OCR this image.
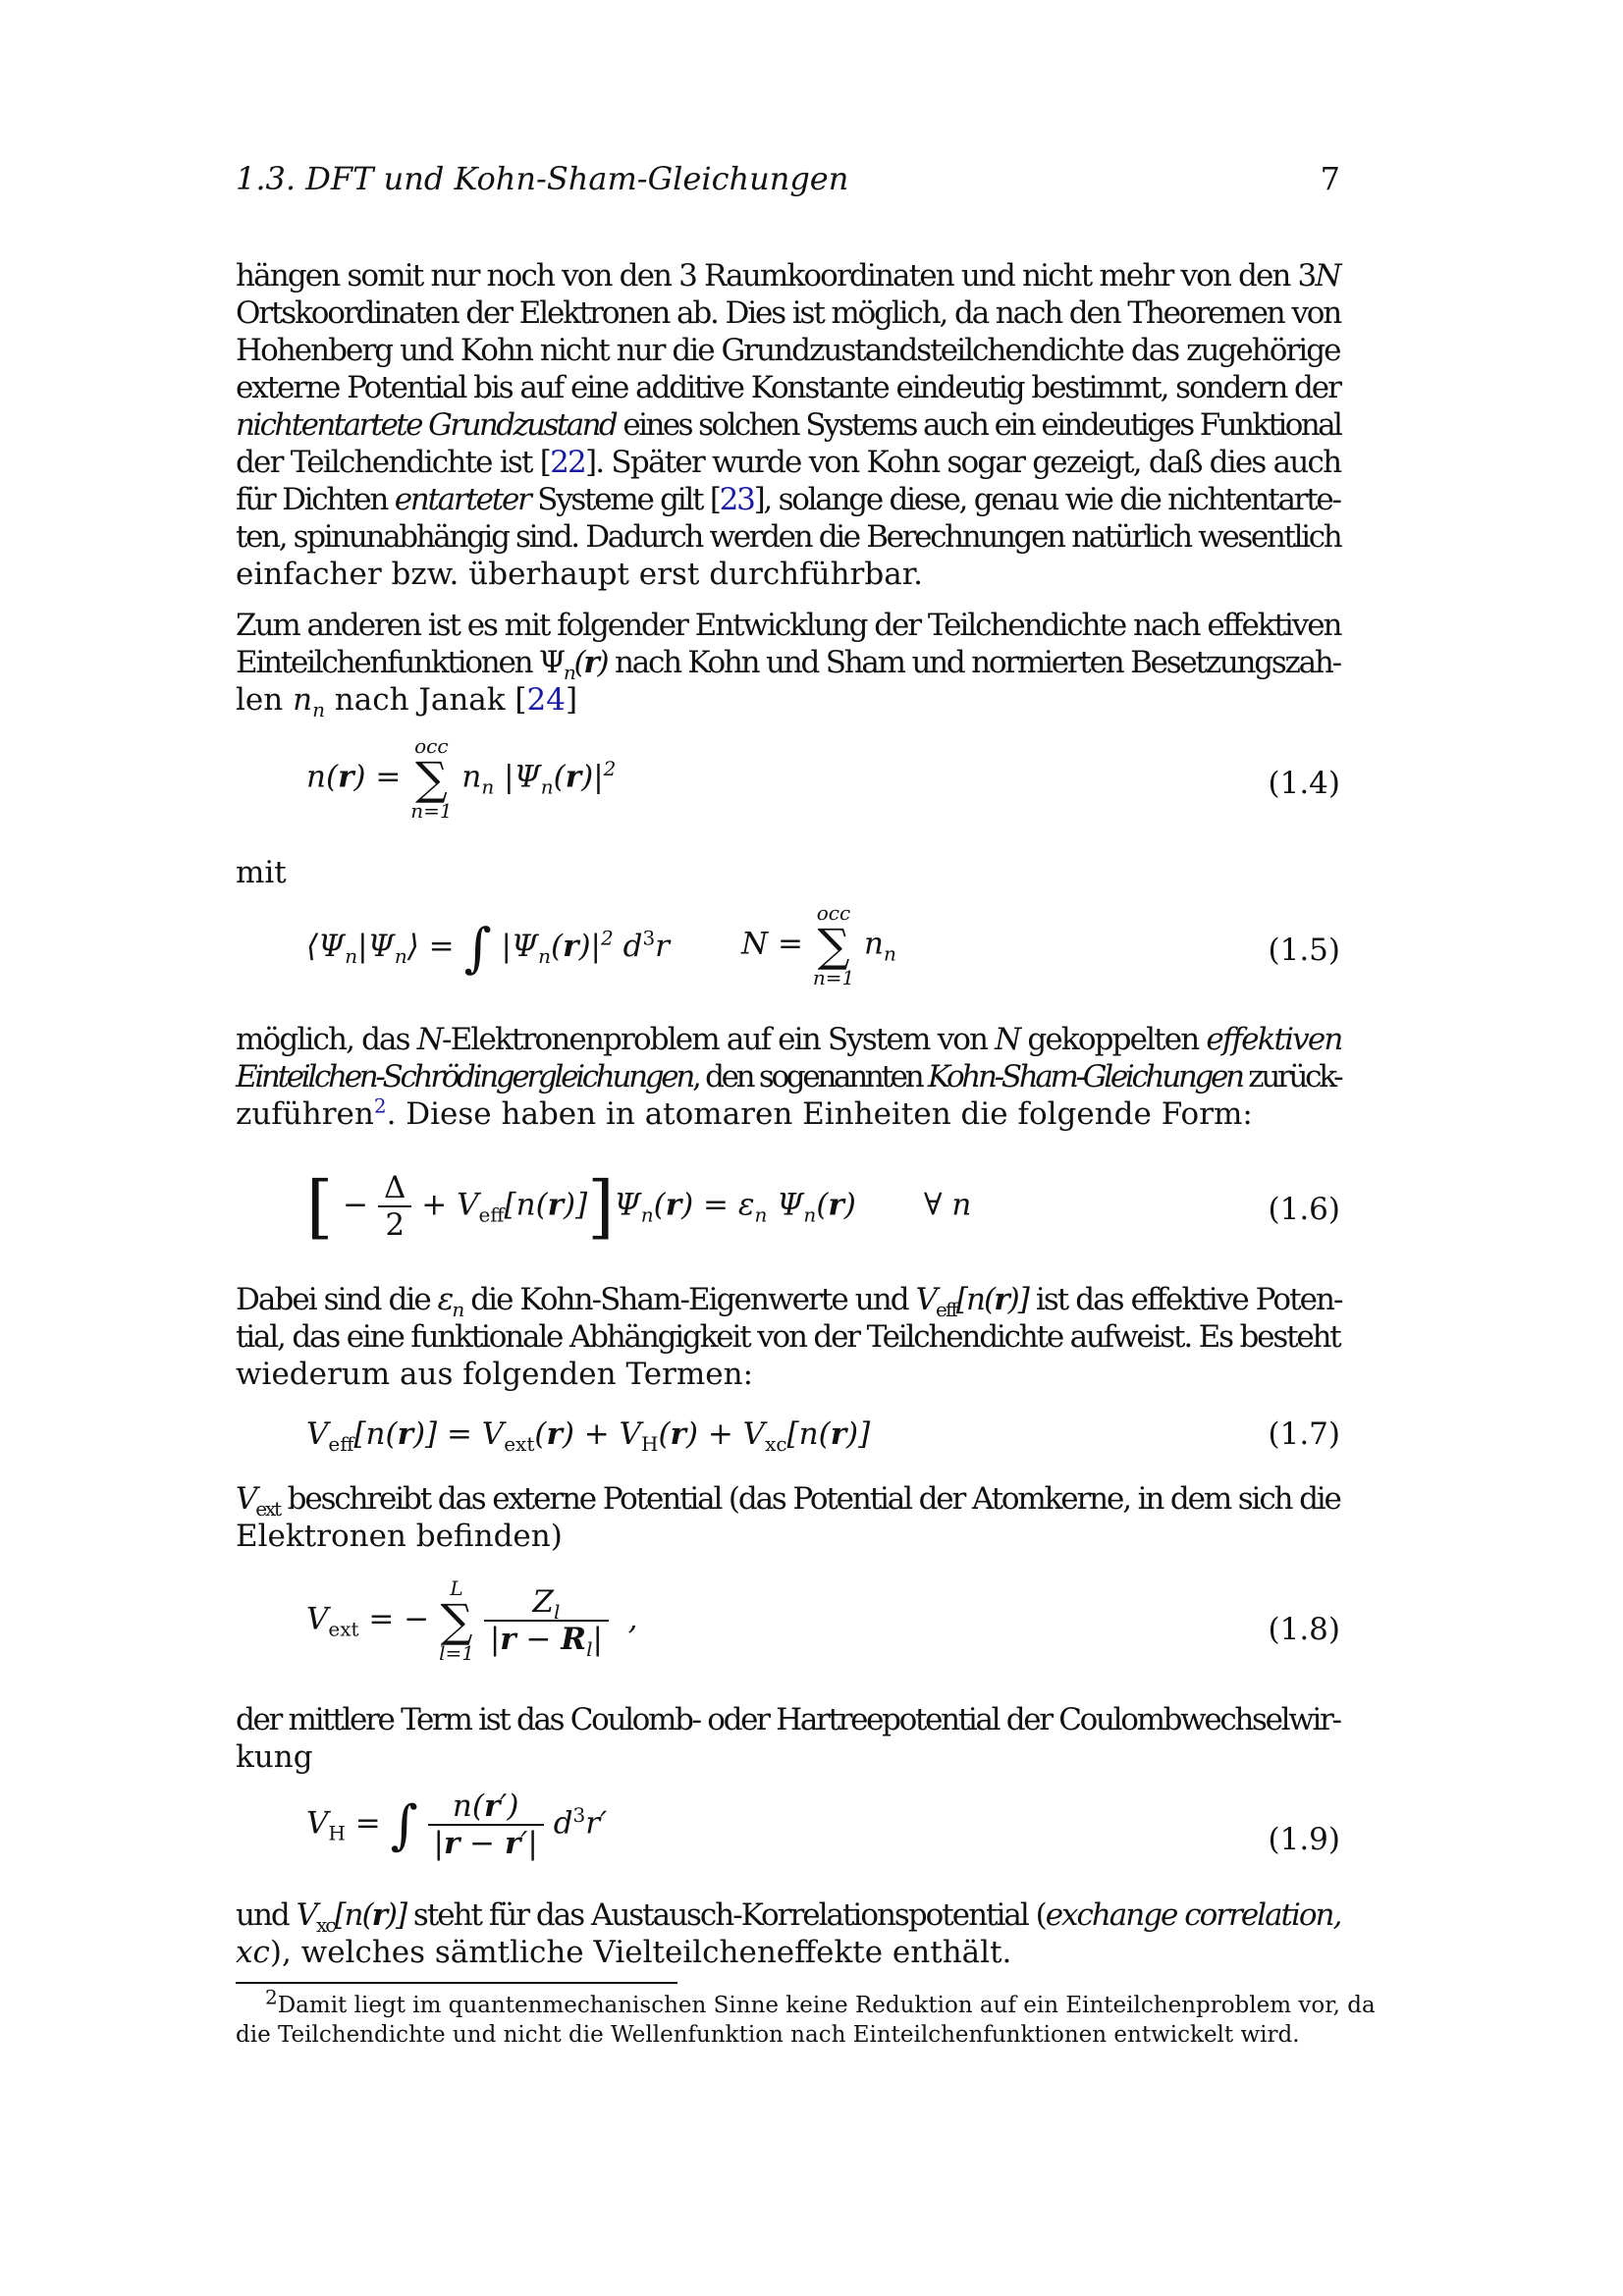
1.3. DFT und Kohn-Sham-Gleichungen	7
hängen somit nur noch von den 3 Raumkoordinaten und nicht mehr von den 3N
Ortskoordinaten der Elektronen ab. Dies ist möglich, da nach den Theoremen von
Hohenberg und Kohn nicht nur die Grundzustandsteilchendichte das zugehörige
externe Potential bis auf eine additive Konstante eindeutig bestimmt, sondern der
nichtentartete Grundzustand eines solchen Systems auch ein eindeutiges Funktional
der Teilchendichte ist [22]. Später wurde von Kohn sogar gezeigt, daß dies auch
für Dichten entarteter Systeme gilt [23], solange diese, genau wie die nichtentarte-
ten, spinunabhängig sind. Dadurch werden die Berechnungen natürlich wesentlich
einfacher bzw. überhaupt erst durchführbar.
Zum anderen ist es mit folgender Entwicklung der Teilchendichte nach effektiven
Einteilchenfunktionen $\Psi_n(r)$ nach Kohn und Sham und normierten Besetzungszah-
len $n_n$ nach Janak [24]
n(r) =
occ
∑
n=1
$n_n$ $|\Psi_n(r)|^2$	(1.4)
mit
$⟨\Psi_n|\Psi_n⟩$ = ∫ $|\Psi_n(r)|^2$ $d^3r$ N =
occ
∑
n=1
$n_n$	(1.5)
möglich, das N-Elektronenproblem auf ein System von N gekoppelten effektiven
Einteilchen-Schrödingergleichungen, den sogenannten Kohn-Sham-Gleichungen zurück-
zuführen$^2$. Diese haben in atomaren Einheiten die folgende Form:
[ − $\frac{\Delta}{2} + V_{eff}[n(r)]]\Psi_n(r) = \varepsilon_n$ $\Psi_n(r)$       ∀ n	(1.6)
Dabei sind die $\varepsilon_n$ die Kohn-Sham-Eigenwerte und $V_{eff}[n(r)]$ ist das effektive Poten-
tial, das eine funktionale Abhängigkeit von der Teilchendichte aufweist. Es besteht
wiederum aus folgenden Termen:
$V_{eff}[n(r)] = V_{ext}(r) + V_H(r) + V_{xc}[n(r)]$	(1.7)
$V_{ext}$ beschreibt das externe Potential (das Potential der Atomkerne, in dem sich die
Elektronen befinden)
$V_{ext}$ = −
L
∑
l=1
$\frac{Z_l}{|r - R_l|}$ ,	(1.8)
der mittlere Term ist das Coulomb- oder Hartreepotential der Coulombwechselwir-
kung
$V_H$ = ∫ $\frac{n(r')}{|r - r'|} d^3r'$	(1.9)
und $V_{xc}[n(r)]$ steht für das Austausch-Korrelationspotential (exchange correlation,
xc), welches sämtliche Vielteilcheneffekte enthält.
2Damit liegt im quantenmechanischen Sinne keine Reduktion auf ein Einteilchenproblem vor, da
die Teilchendichte und nicht die Wellenfunktion nach Einteilchenfunktionen entwickelt wird.
